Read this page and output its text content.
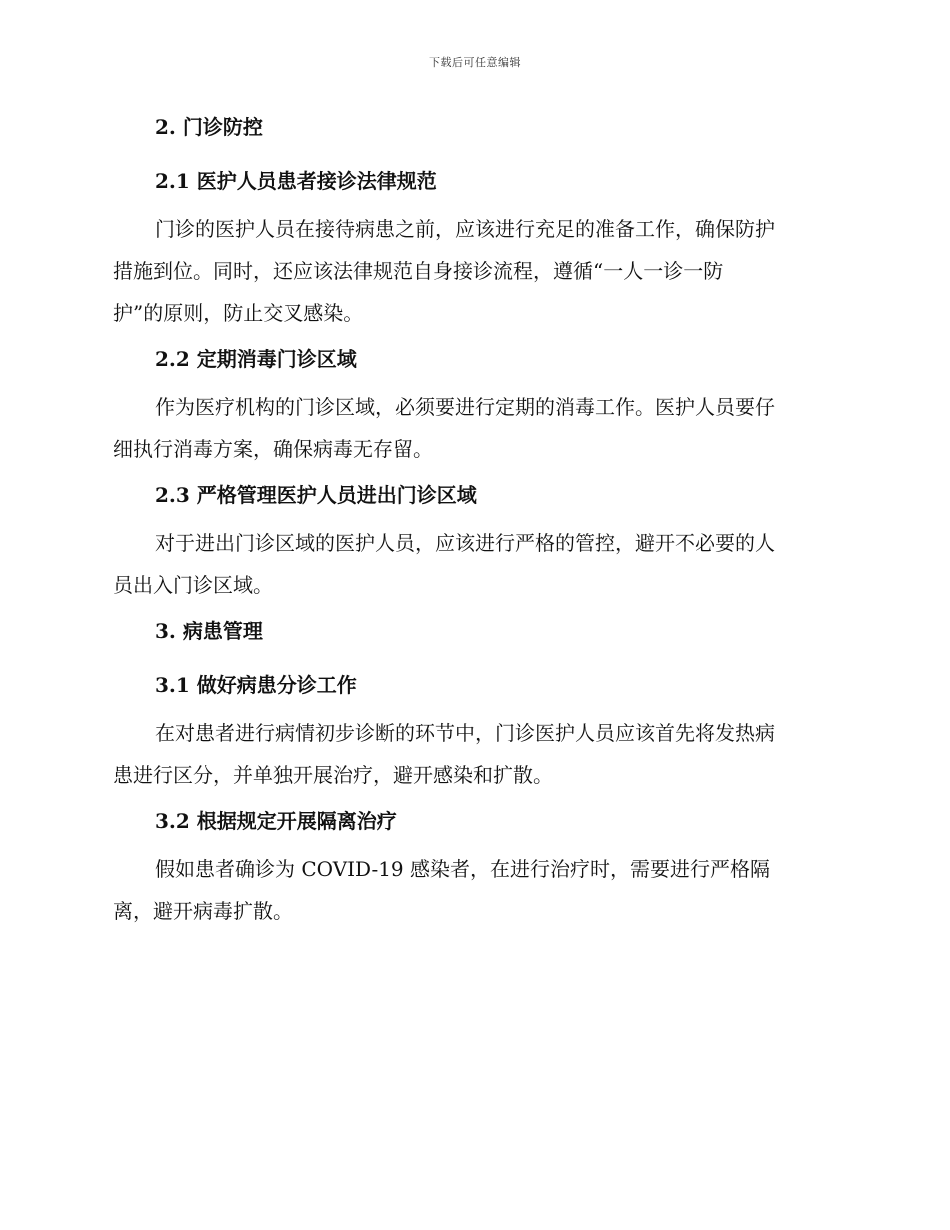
下载后可任意编辑
2. 门诊防控
2.1 医护人员患者接诊法律规范

门诊的医护人员在接待病患之前，应该进行充足的准备工作，确保防护
措施到位。同时，还应该法律规范自身接诊流程，遵循“一人一诊一防
护”的原则，防止交叉感染。

2.2 定期消毒门诊区域

作为医疗机构的门诊区域，必须要进行定期的消毒工作。医护人员要仔
细执行消毒方案，确保病毒无存留。

2.3 严格管理医护人员进出门诊区域

对于进出门诊区域的医护人员，应该进行严格的管控，避开不必要的人
员出入门诊区域。

3. 病患管理
3.1 做好病患分诊工作

在对患者进行病情初步诊断的环节中，门诊医护人员应该首先将发热病
患进行区分，并单独开展治疗，避开感染和扩散。

3.2 根据规定开展隔离治疗

假如患者确诊为 COVID-19 感染者，在进行治疗时，需要进行严格隔
离，避开病毒扩散。
